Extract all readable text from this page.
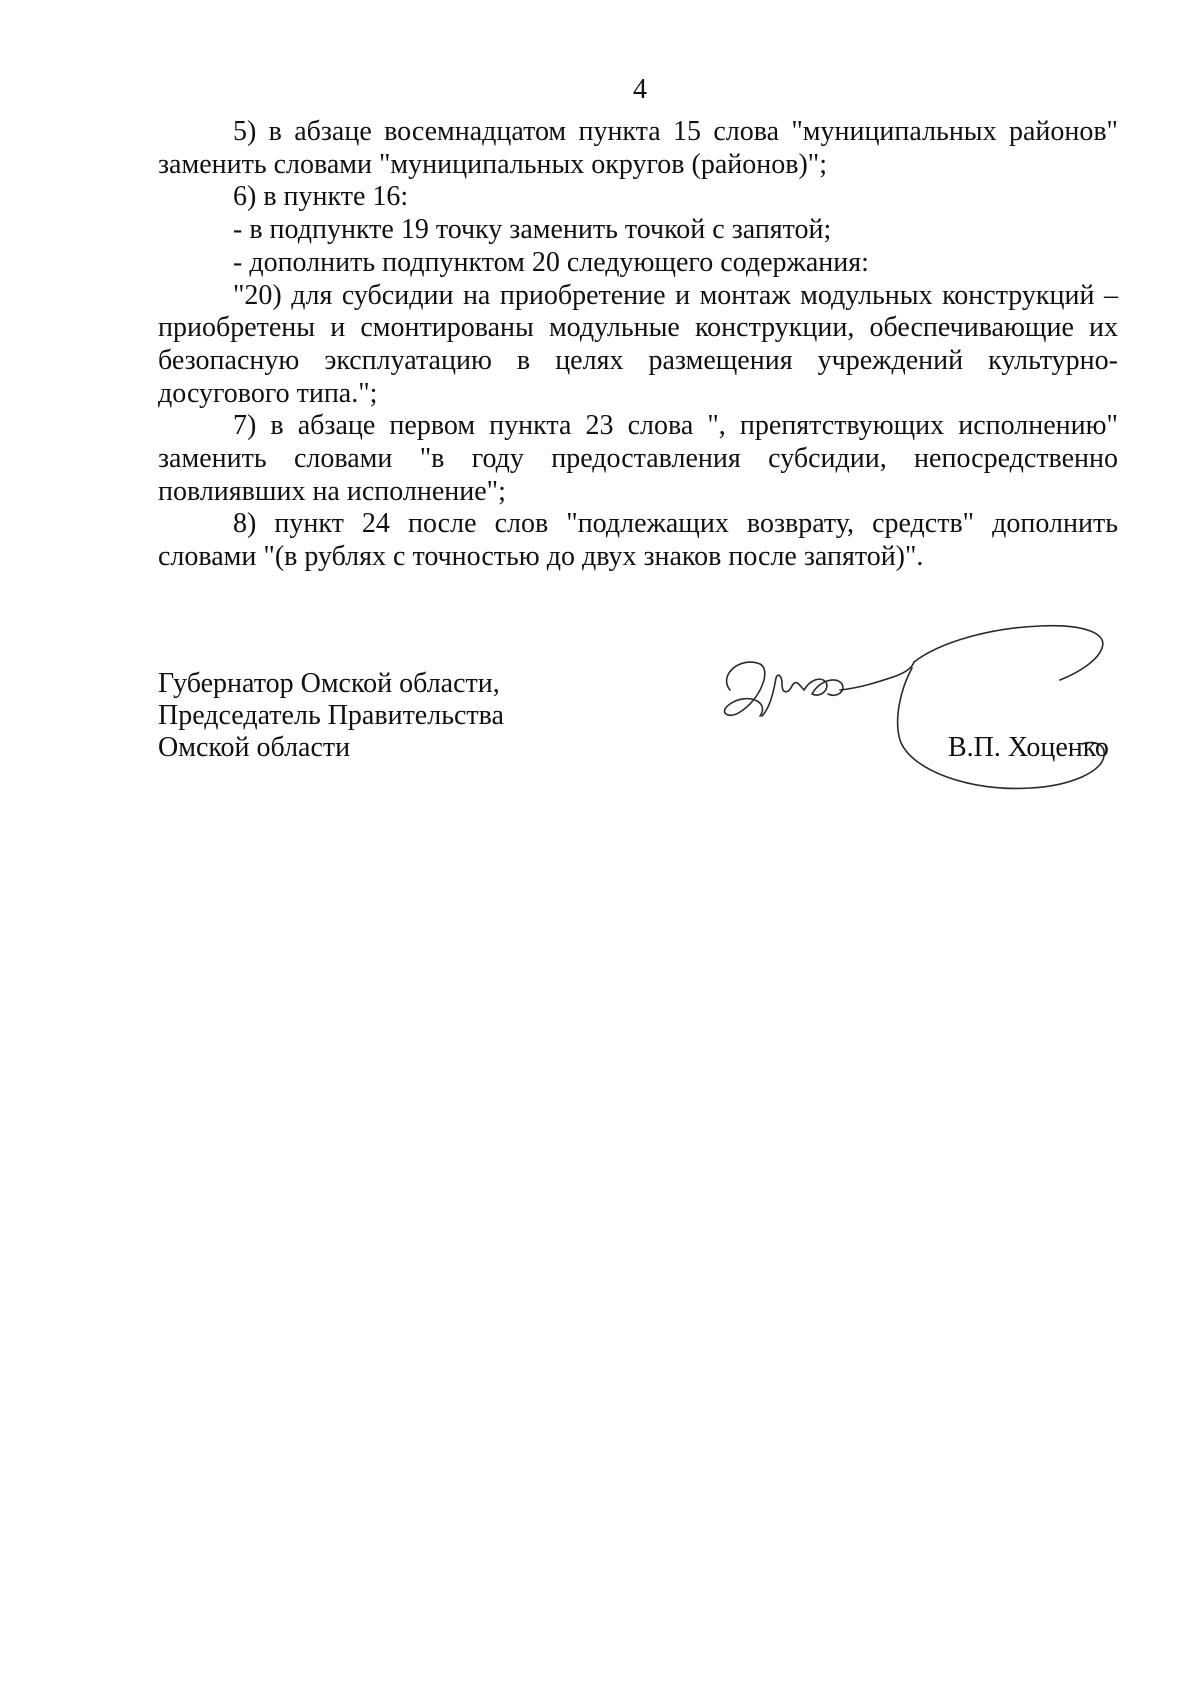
4

5) в абзаце восемнадцатом пункта 15 слова "муниципальных районов" заменить словами "муниципальных округов (районов)";

6) в пункте 16:

- в подпункте 19 точку заменить точкой с запятой;

- дополнить подпунктом 20 следующего содержания:

"20) для субсидии на приобретение и монтаж модульных конструкций – приобретены и смонтированы модульные конструкции, обеспечивающие их безопасную эксплуатацию в целях размещения учреждений культурно-досугового типа.";

7) в абзаце первом пункта 23 слова ", препятствующих исполнению" заменить словами "в году предоставления субсидии, непосредственно повлиявших на исполнение";

8) пункт 24 после слов "подлежащих возврату, средств" дополнить словами "(в рублях с точностью до двух знаков после запятой)".

Губернатор Омской области,
Председатель Правительства
Омской области	В.П. Хоценко
